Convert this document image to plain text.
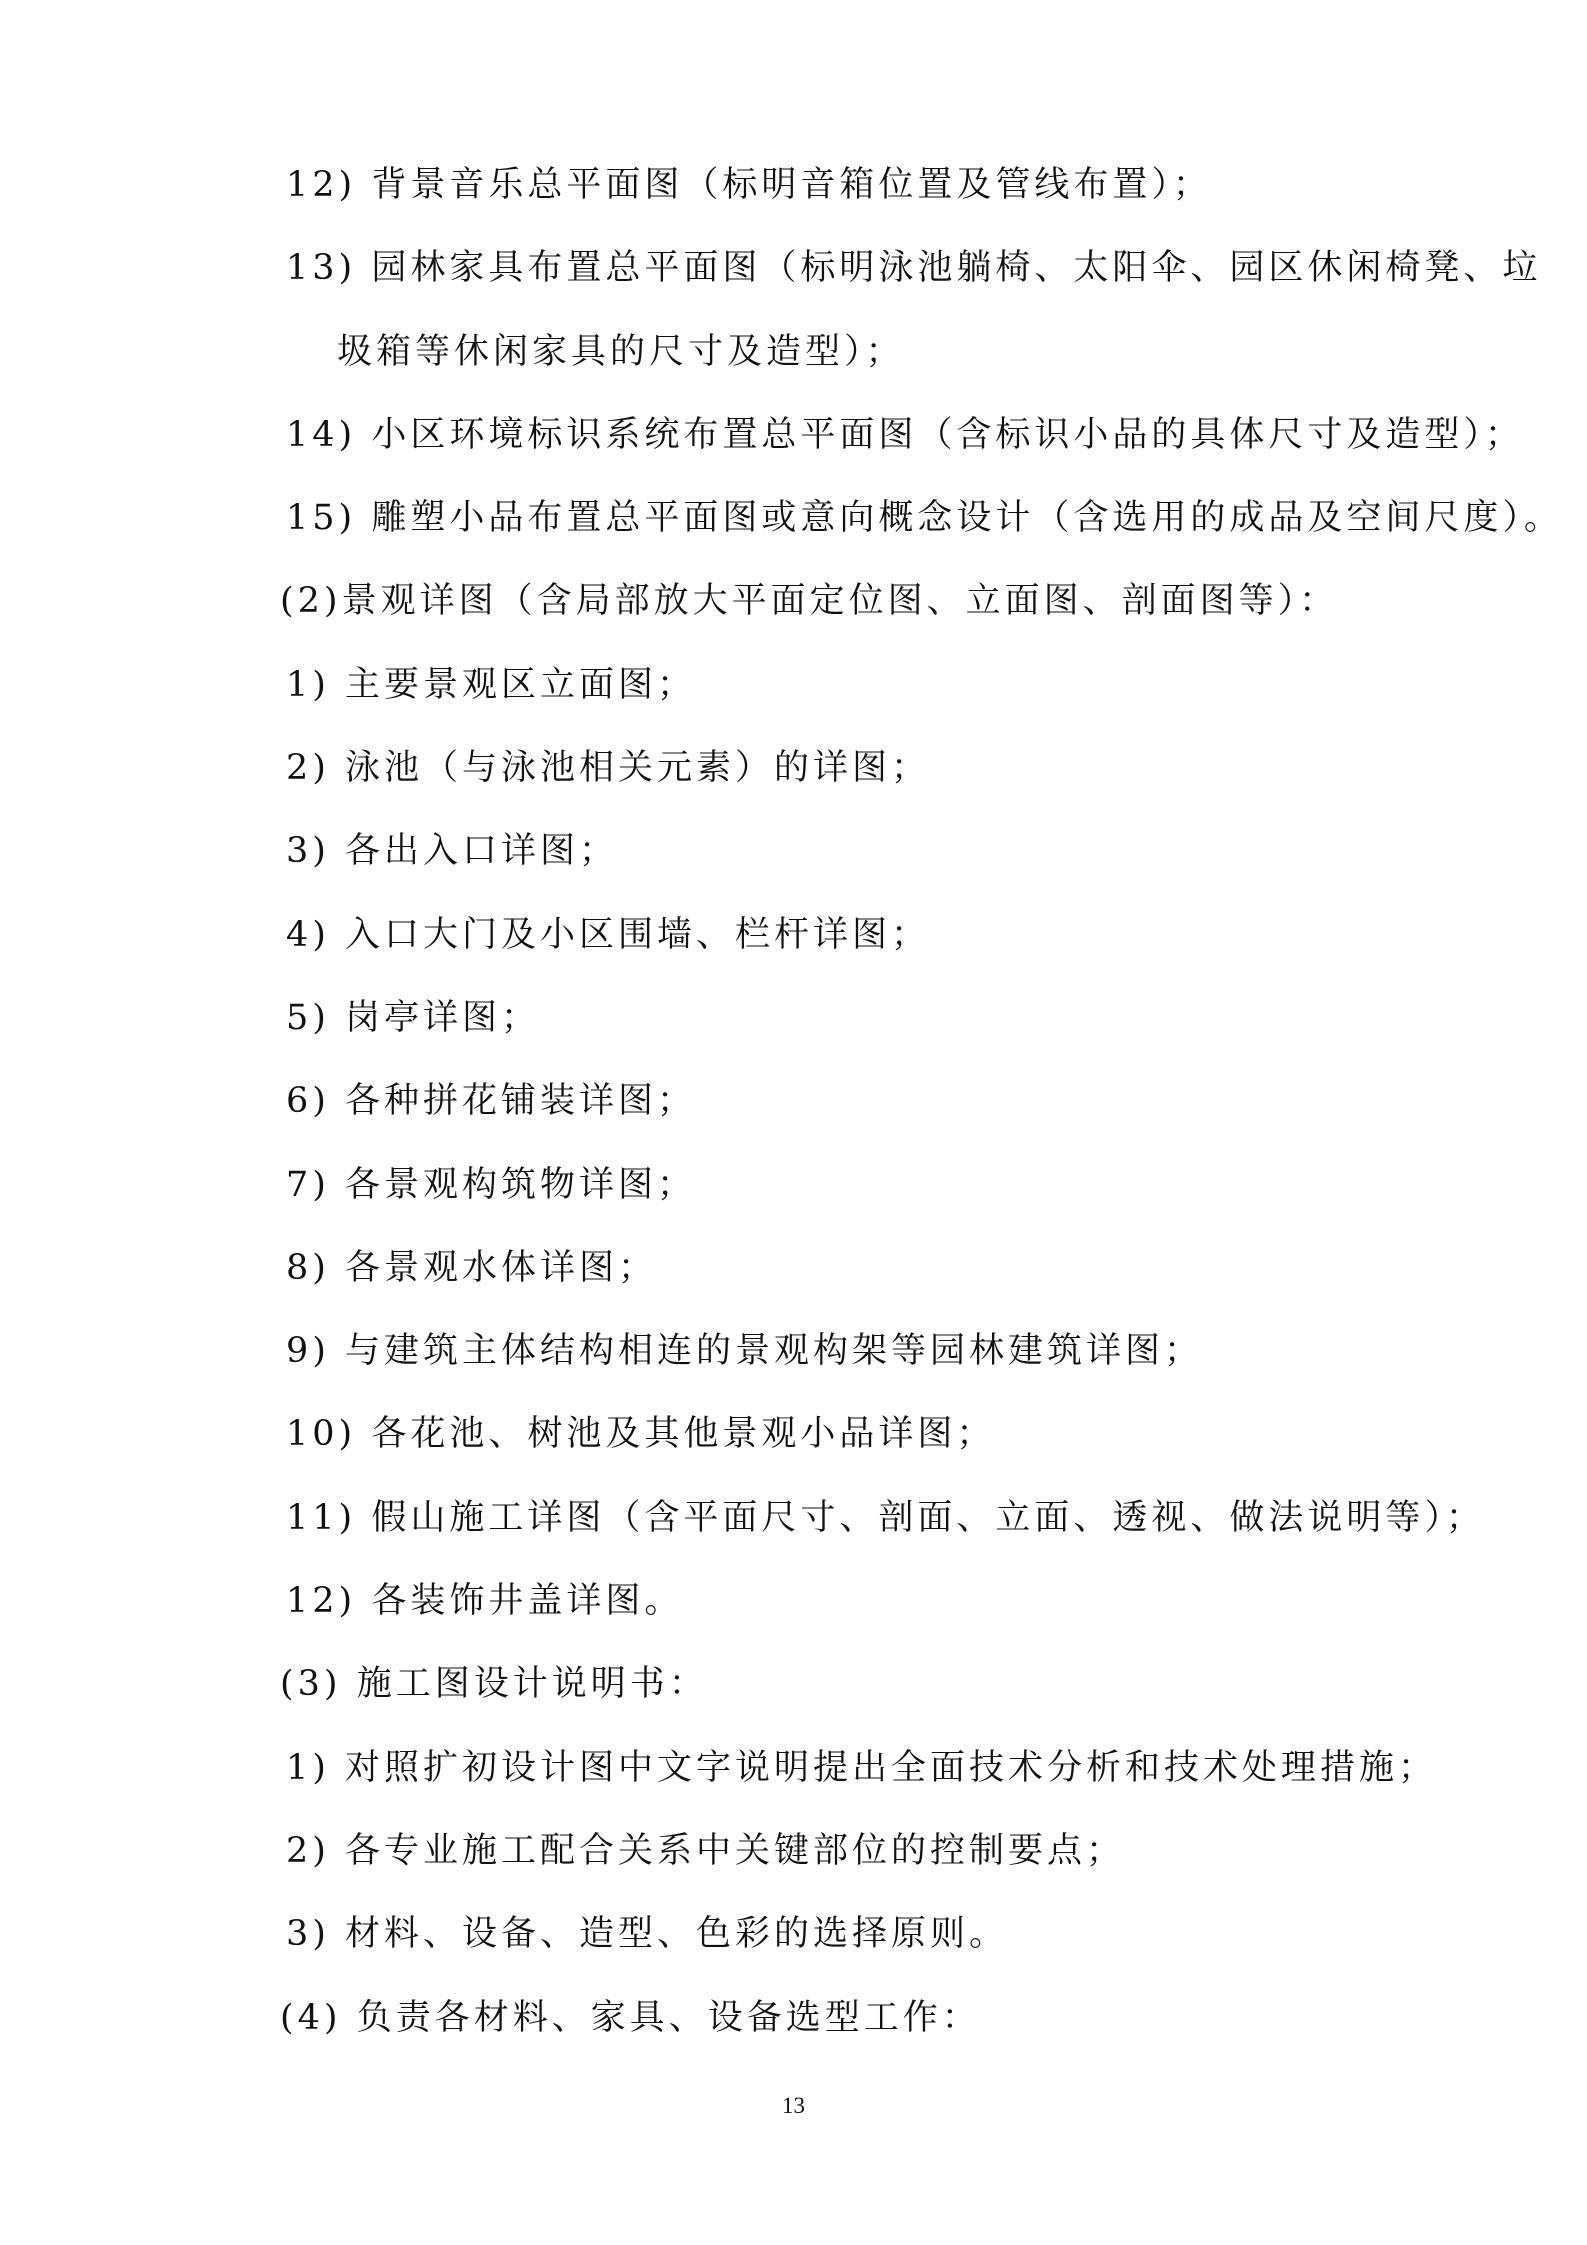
12) 背景音乐总平面图（标明音箱位置及管线布置）；
13) 园林家具布置总平面图（标明泳池躺椅、太阳伞、园区休闲椅凳、垃
圾箱等休闲家具的尺寸及造型）；
14) 小区环境标识系统布置总平面图（含标识小品的具体尺寸及造型）；
15) 雕塑小品布置总平面图或意向概念设计（含选用的成品及空间尺度）。
(2)景观详图（含局部放大平面定位图、立面图、剖面图等）：
1) 主要景观区立面图；
2) 泳池（与泳池相关元素）的详图；
3) 各出入口详图；
4) 入口大门及小区围墙、栏杆详图；
5) 岗亭详图；
6) 各种拼花铺装详图；
7) 各景观构筑物详图；
8) 各景观水体详图；
9) 与建筑主体结构相连的景观构架等园林建筑详图；
10) 各花池、树池及其他景观小品详图；
11) 假山施工详图（含平面尺寸、剖面、立面、透视、做法说明等）；
12) 各装饰井盖详图。
(3) 施工图设计说明书：
1) 对照扩初设计图中文字说明提出全面技术分析和技术处理措施；
2) 各专业施工配合关系中关键部位的控制要点；
3) 材料、设备、造型、色彩的选择原则。
(4) 负责各材料、家具、设备选型工作：
13
